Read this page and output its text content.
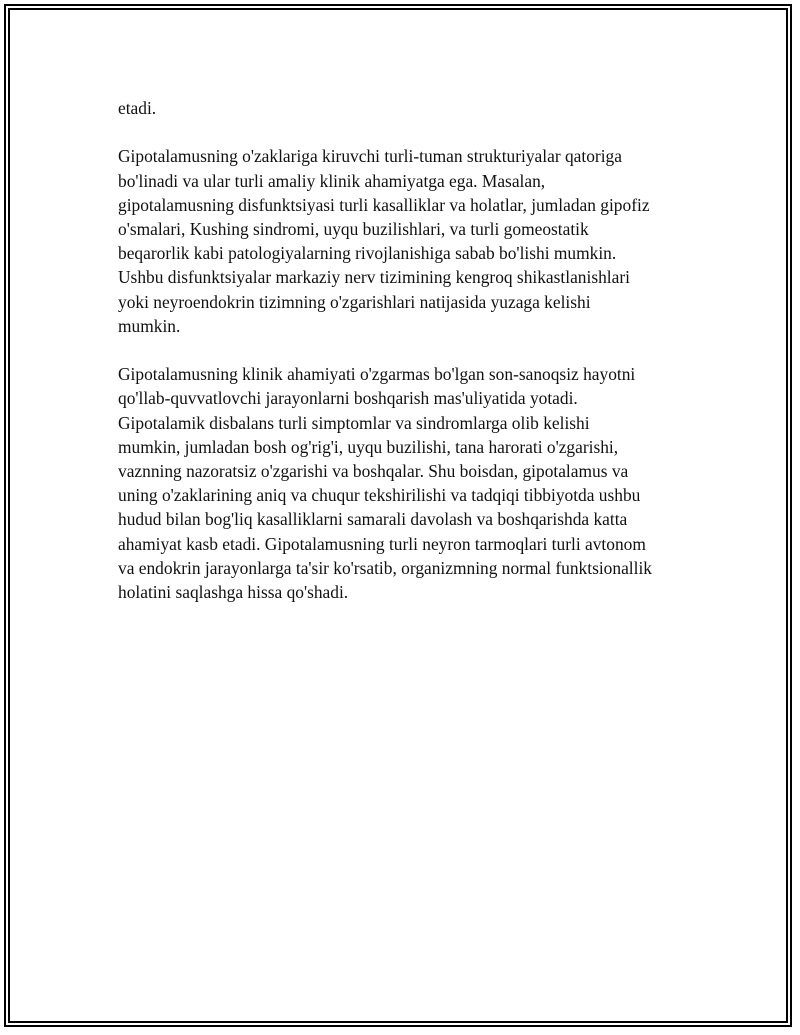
etadi.

Gipotalamusning o'zaklariga kiruvchi turli-tuman strukturiyalar qatoriga
bo'linadi va ular turli amaliy klinik ahamiyatga ega. Masalan,
gipotalamusning disfunktsiyasi turli kasalliklar va holatlar, jumladan gipofiz
o'smalari, Kushing sindromi, uyqu buzilishlari, va turli gomeostatik
beqarorlik kabi patologiyalarning rivojlanishiga sabab bo'lishi mumkin.
Ushbu disfunktsiyalar markaziy nerv tizimining kengroq shikastlanishlari
yoki neyroendokrin tizimning o'zgarishlari natijasida yuzaga kelishi
mumkin.

Gipotalamusning klinik ahamiyati o'zgarmas bo'lgan son-sanoqsiz hayotni
qo'llab-quvvatlovchi jarayonlarni boshqarish mas'uliyatida yotadi.
Gipotalamik disbalans turli simptomlar va sindromlarga olib kelishi
mumkin, jumladan bosh og'rig'i, uyqu buzilishi, tana harorati o'zgarishi,
vaznning nazoratsiz o'zgarishi va boshqalar. Shu boisdan, gipotalamus va
uning o'zaklarining aniq va chuqur tekshirilishi va tadqiqi tibbiyotda ushbu
hudud bilan bog'liq kasalliklarni samarali davolash va boshqarishda katta
ahamiyat kasb etadi. Gipotalamusning turli neyron tarmoqlari turli avtonom
va endokrin jarayonlarga ta'sir ko'rsatib, organizmning normal funktsionallik
holatini saqlashga hissa qo'shadi.
